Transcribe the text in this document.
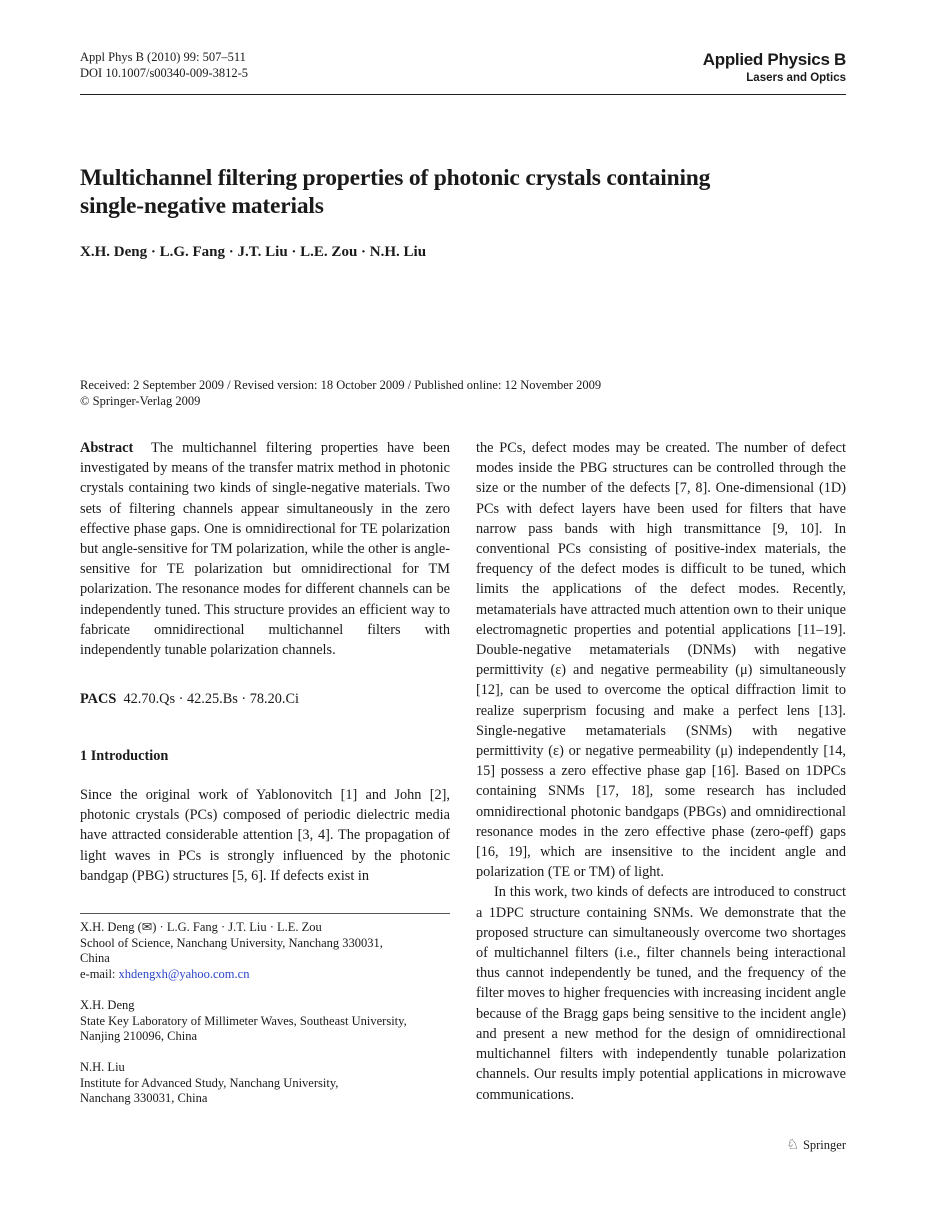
Appl Phys B (2010) 99: 507–511
DOI 10.1007/s00340-009-3812-5
Applied Physics B
Lasers and Optics
Multichannel filtering properties of photonic crystals containing
single-negative materials
X.H. Deng · L.G. Fang · J.T. Liu · L.E. Zou · N.H. Liu
Received: 2 September 2009 / Revised version: 18 October 2009 / Published online: 12 November 2009
© Springer-Verlag 2009

Abstract The multichannel filtering properties have been investigated by means of the transfer matrix method in photonic crystals containing two kinds of single-negative materials. Two sets of filtering channels appear simultaneously in the zero effective phase gaps. One is omnidirectional for TE polarization but angle-sensitive for TM polarization, while the other is angle-sensitive for TE polarization but omnidirectional for TM polarization. The resonance modes for different channels can be independently tuned. This structure provides an efficient way to fabricate omnidirectional multichannel filters with independently tunable polarization channels.

PACS 42.70.Qs · 42.25.Bs · 78.20.Ci
1 Introduction

Since the original work of Yablonovitch [1] and John [2], photonic crystals (PCs) composed of periodic dielectric media have attracted considerable attention [3, 4]. The propagation of light waves in PCs is strongly influenced by the photonic bandgap (PBG) structures [5, 6]. If defects exist in

X.H. Deng (✉) · L.G. Fang · J.T. Liu · L.E. Zou
School of Science, Nanchang University, Nanchang 330031,
China
e-mail: xhdengxh@yahoo.com.cn
X.H. Deng
State Key Laboratory of Millimeter Waves, Southeast University,
Nanjing 210096, China
N.H. Liu
Institute for Advanced Study, Nanchang University,
Nanchang 330031, China

the PCs, defect modes may be created. The number of defect modes inside the PBG structures can be controlled through the size or the number of the defects [7, 8]. One-dimensional (1D) PCs with defect layers have been used for filters that have narrow pass bands with high transmittance [9, 10]. In conventional PCs consisting of positive-index materials, the frequency of the defect modes is difficult to be tuned, which limits the applications of the defect modes. Recently, metamaterials have attracted much attention own to their unique electromagnetic properties and potential applications [11–19]. Double-negative metamaterials (DNMs) with negative permittivity (ε) and negative permeability (μ) simultaneously [12], can be used to overcome the optical diffraction limit to realize superprism focusing and make a perfect lens [13]. Single-negative metamaterials (SNMs) with negative permittivity (ε) or negative permeability (μ) independently [14, 15] possess a zero effective phase gap [16]. Based on 1DPCs containing SNMs [17, 18], some research has included omnidirectional photonic bandgaps (PBGs) and omnidirectional resonance modes in the zero effective phase (zero-φeff) gaps [16, 19], which are insensitive to the incident angle and polarization (TE or TM) of light.

In this work, two kinds of defects are introduced to construct a 1DPC structure containing SNMs. We demonstrate that the proposed structure can simultaneously overcome two shortages of multichannel filters (i.e., filter channels being interactional thus cannot independently be tuned, and the frequency of the filter moves to higher frequencies with increasing incident angle because of the Bragg gaps being sensitive to the incident angle) and present a new method for the design of omnidirectional multichannel filters with independently tunable polarization channels. Our results imply potential applications in microwave communications.

♘ Springer
